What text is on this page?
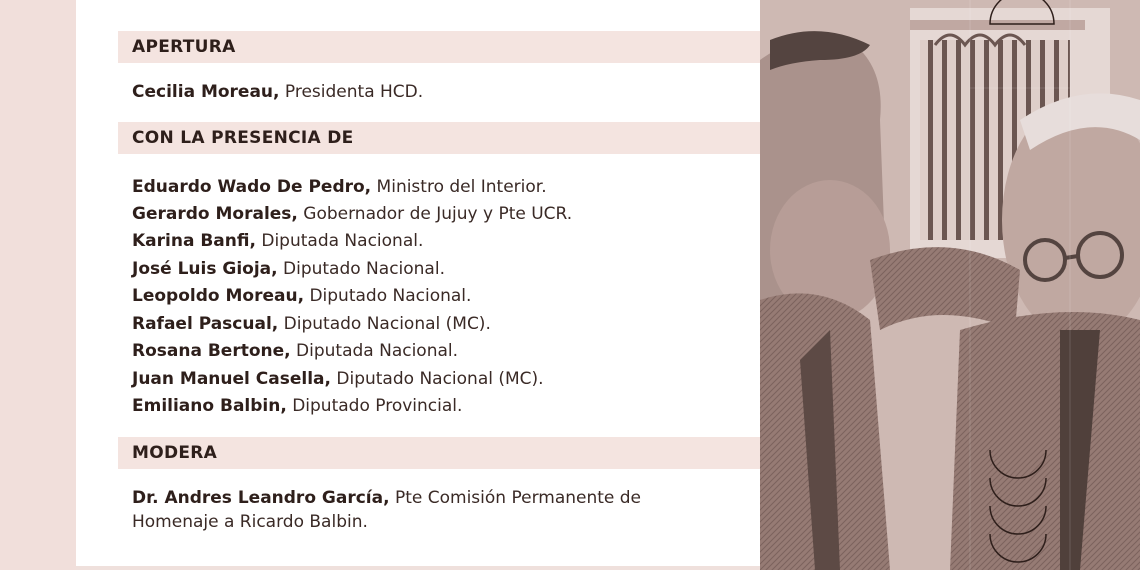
APERTURA
Cecilia Moreau, Presidenta HCD.
CON LA PRESENCIA DE
Eduardo Wado De Pedro, Ministro del Interior.
Gerardo Morales, Gobernador de Jujuy y Pte UCR.
Karina Banfi, Diputada Nacional.
José Luis Gioja, Diputado Nacional.
Leopoldo Moreau, Diputado Nacional.
Rafael Pascual, Diputado Nacional (MC).
Rosana Bertone, Diputada Nacional.
Juan Manuel Casella, Diputado Nacional (MC).
Emiliano Balbin, Diputado Provincial.
MODERA
Dr. Andres Leandro García, Pte Comisión Permanente de
Homenaje a Ricardo Balbin.
